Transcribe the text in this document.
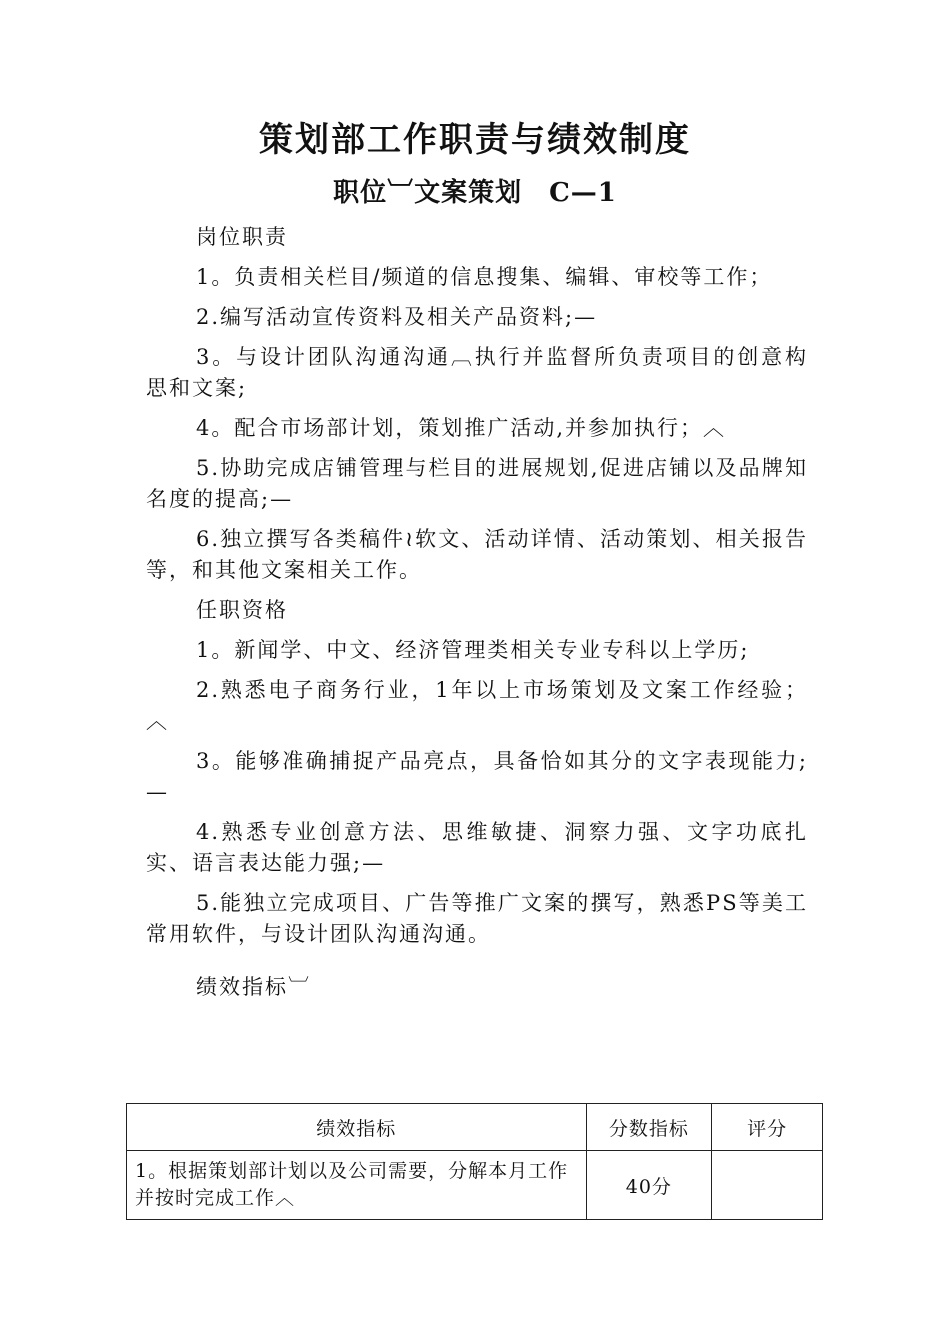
策划部工作职责与绩效制度
职位︺文案策划　C—1

岗位职责

1。负责相关栏目/频道的信息搜集、编辑、审校等工作；

2.编写活动宣传资料及相关产品资料;—

3。与设计团队沟通沟通︹执行并监督所负责项目的创意构思和文案;

4。配合市场部计划，策划推广活动,并参加执行；︿

5.协助完成店铺管理与栏目的进展规划,促进店铺以及品牌知名度的提高;—

6.独立撰写各类稿件≀软文、活动详情、活动策划、相关报告等，和其他文案相关工作。

任职资格

1。新闻学、中文、经济管理类相关专业专科以上学历;

2.熟悉电子商务行业，1年以上市场策划及文案工作经验；︿

3。能够准确捕捉产品亮点，具备恰如其分的文字表现能力;—

4.熟悉专业创意方法、思维敏捷、洞察力强、文字功底扎实、语言表达能力强;—

5.能独立完成项目、广告等推广文案的撰写，熟悉PS等美工常用软件，与设计团队沟通沟通。

绩效指标︺

绩效指标	分数指标	评分
1。根据策划部计划以及公司需要，分解本月工作并按时完成工作︿	40分	
